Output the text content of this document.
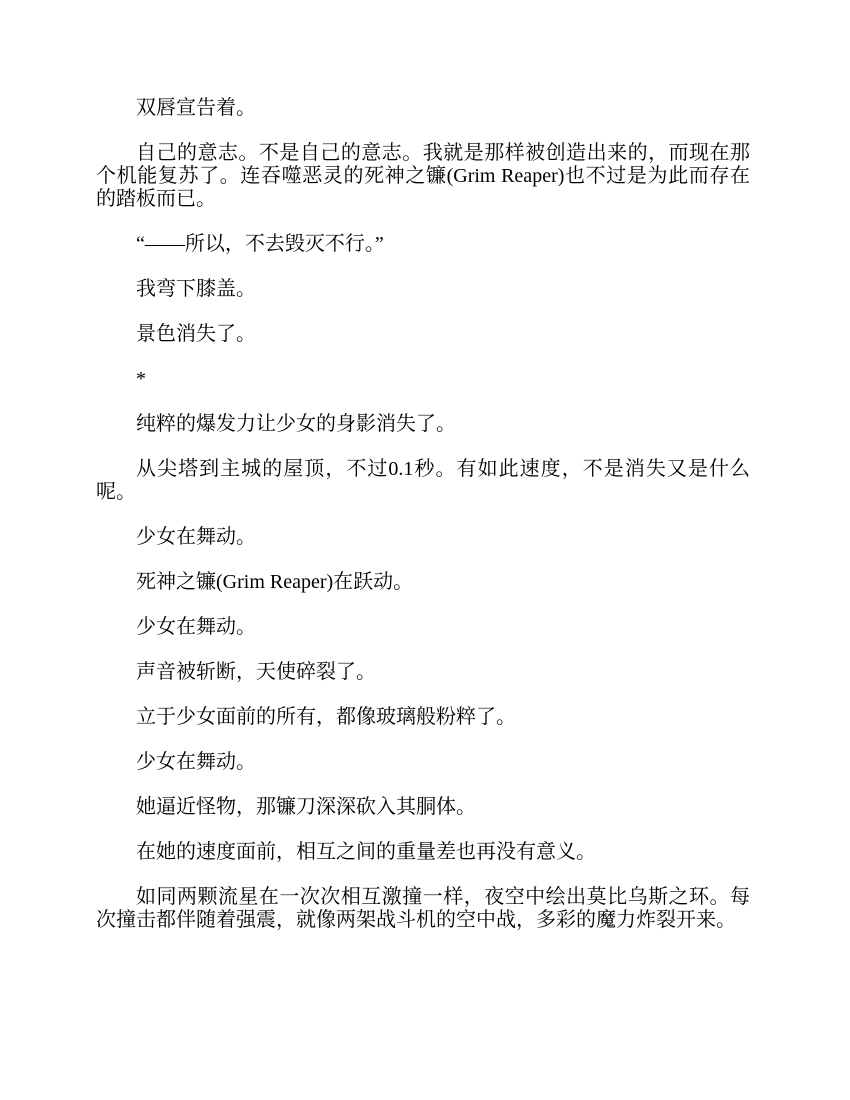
双唇宣告着。

自己的意志。不是自己的意志。我就是那样被创造出来的，而现在那个机能复苏了。连吞噬恶灵的死神之镰(Grim Reaper)也不过是为此而存在的踏板而已。

“——所以，不去毁灭不行。”

我弯下膝盖。

景色消失了。

*

纯粹的爆发力让少女的身影消失了。

从尖塔到主城的屋顶，不过0.1秒。有如此速度，不是消失又是什么呢。

少女在舞动。

死神之镰(Grim Reaper)在跃动。

少女在舞动。

声音被斩断，天使碎裂了。

立于少女面前的所有，都像玻璃般粉粹了。

少女在舞动。

她逼近怪物，那镰刀深深砍入其胴体。

在她的速度面前，相互之间的重量差也再没有意义。

如同两颗流星在一次次相互激撞一样，夜空中绘出莫比乌斯之环。每次撞击都伴随着强震，就像两架战斗机的空中战，多彩的魔力炸裂开来。
